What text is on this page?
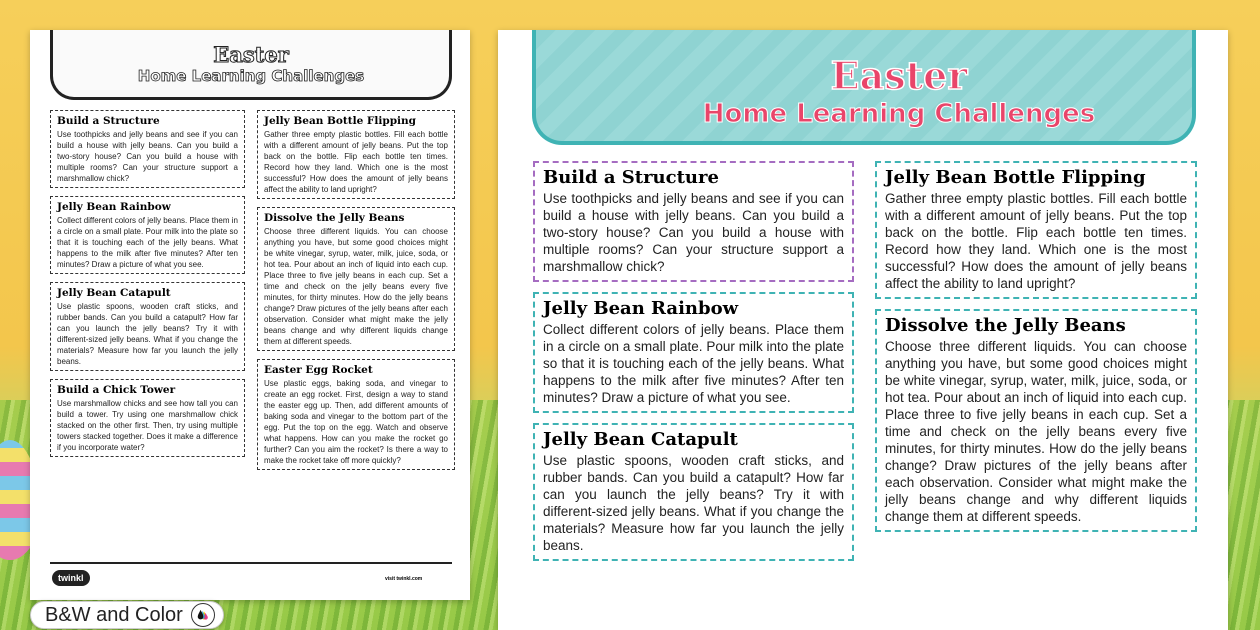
Easter
Home Learning Challenges
Build a Structure

Use toothpicks and jelly beans and see if you can build a house with jelly beans. Can you build a two-story house? Can you build a house with multiple rooms? Can your structure support a marshmallow chick?

Jelly Bean Rainbow

Collect different colors of jelly beans. Place them in a circle on a small plate. Pour milk into the plate so that it is touching each of the jelly beans. What happens to the milk after five minutes? After ten minutes? Draw a picture of what you see.

Jelly Bean Catapult

Use plastic spoons, wooden craft sticks, and rubber bands. Can you build a catapult? How far can you launch the jelly beans? Try it with different-sized jelly beans. What if you change the materials? Measure how far you launch the jelly beans.

Build a Chick Tower

Use marshmallow chicks and see how tall you can build a tower. Try using one marshmallow chick stacked on the other first. Then, try using multiple towers stacked together. Does it make a difference if you incorporate water?

Jelly Bean Bottle Flipping

Gather three empty plastic bottles. Fill each bottle with a different amount of jelly beans. Put the top back on the bottle. Flip each bottle ten times. Record how they land. Which one is the most successful? How does the amount of jelly beans affect the ability to land upright?

Dissolve the Jelly Beans

Choose three different liquids. You can choose anything you have, but some good choices might be white vinegar, syrup, water, milk, juice, soda, or hot tea. Pour about an inch of liquid into each cup. Place three to five jelly beans in each cup. Set a time and check on the jelly beans every five minutes, for thirty minutes. How do the jelly beans change? Draw pictures of the jelly beans after each observation. Consider what might make the jelly beans change and why different liquids change them at different speeds.

Easter Egg Rocket

Use plastic eggs, baking soda, and vinegar to create an egg rocket. First, design a way to stand the easter egg up. Then, add different amounts of baking soda and vinegar to the bottom part of the egg. Put the top on the egg. Watch and observe what happens. How can you make the rocket go further? Can you aim the rocket? Is there a way to make the rocket take off more quickly?

twinkl	visit twinkl.com
Easter
Home Learning Challenges
Build a Structure

Use toothpicks and jelly beans and see if you can build a house with jelly beans. Can you build a two-story house? Can you build a house with multiple rooms? Can your structure support a marshmallow chick?

Jelly Bean Rainbow

Collect different colors of jelly beans. Place them in a circle on a small plate. Pour milk into the plate so that it is touching each of the jelly beans. What happens to the milk after five minutes? After ten minutes? Draw a picture of what you see.

Jelly Bean Catapult

Use plastic spoons, wooden craft sticks, and rubber bands. Can you build a catapult? How far can you launch the jelly beans? Try it with different-sized jelly beans. What if you change the materials? Measure how far you launch the jelly beans.

Jelly Bean Bottle Flipping

Gather three empty plastic bottles. Fill each bottle with a different amount of jelly beans. Put the top back on the bottle. Flip each bottle ten times. Record how they land. Which one is the most successful? How does the amount of jelly beans affect the ability to land upright?

Dissolve the Jelly Beans

Choose three different liquids. You can choose anything you have, but some good choices might be white vinegar, syrup, water, milk, juice, soda, or hot tea. Pour about an inch of liquid into each cup. Place three to five jelly beans in each cup. Set a time and check on the jelly beans every five minutes, for thirty minutes. How do the jelly beans change? Draw pictures of the jelly beans after each observation. Consider what might make the jelly beans change and why different liquids change them at different speeds.

B&W and Color
